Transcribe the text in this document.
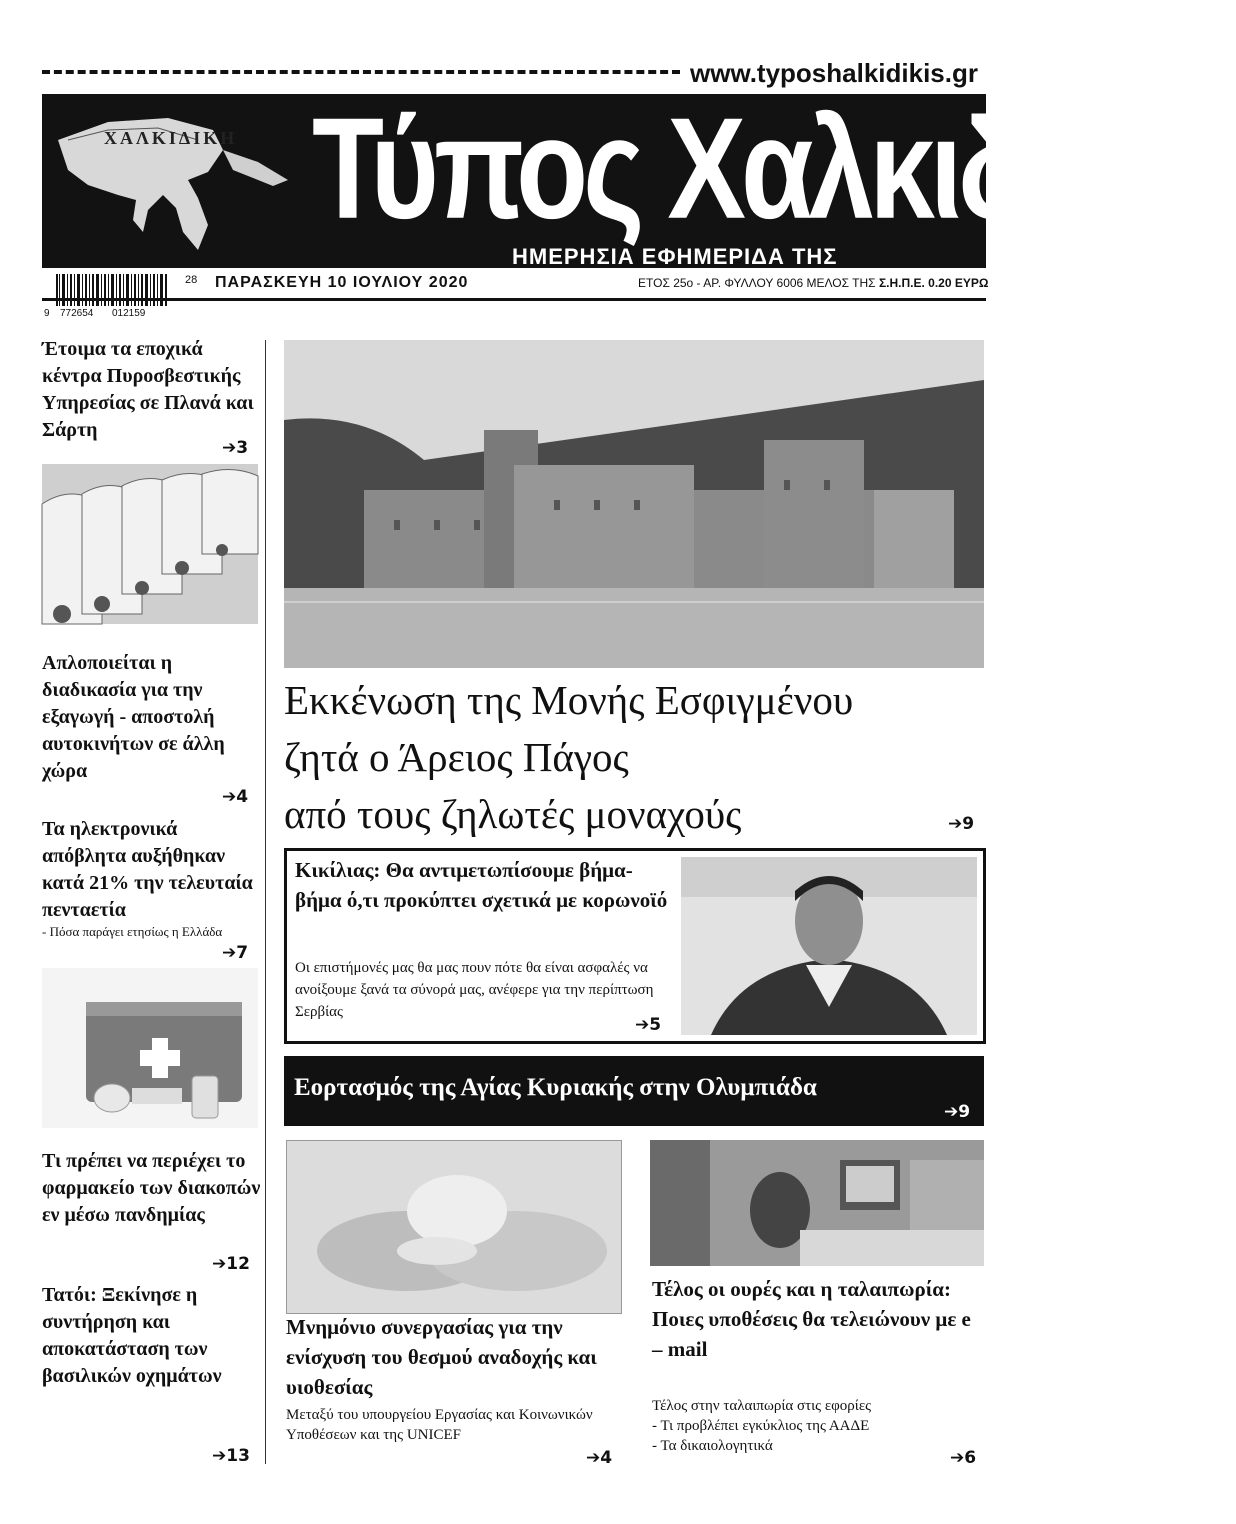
www.typoshalkidikis.gr
ΧΑΛΚΙΔΙΚΗ Τύπος Χαλκιδικής
ΗΜΕΡΗΣΙΑ ΕΦΗΜΕΡΙΔΑ ΤΗΣ ΧΑΛΚΙΔΙΚΗΣ
9 772654 012159
28 ΠΑΡΑΣΚΕΥΗ 10 ΙΟΥΛΙΟΥ 2020	ΕΤΟΣ 25ο - ΑΡ. ΦΥΛΛΟΥ 6006 ΜΕΛΟΣ ΤΗΣ Σ.Η.Π.Ε. 0.20 ΕΥΡΩ
Έτοιμα τα εποχικά κέντρα Πυροσβεστικής Υπηρεσίας σε Πλανά και Σάρτη
➔3
Απλοποιείται η διαδικασία για την εξαγωγή - αποστολή αυτοκινήτων σε άλλη χώρα
➔4
Τα ηλεκτρονικά απόβλητα αυξήθηκαν κατά 21% την τελευταία πενταετία
- Πόσα παράγει ετησίως η Ελλάδα
➔7
Τι πρέπει να περιέχει το φαρμακείο των διακοπών εν μέσω πανδημίας
➔12
Τατόι: Ξεκίνησε η συντήρηση και αποκατάσταση των βασιλικών οχημάτων
➔13
Εκκένωση της Μονής Εσφιγμένου
ζητά ο Άρειος Πάγος
από τους ζηλωτές μοναχούς	➔9
Κικίλιας: Θα αντιμετωπίσουμε βήμα-βήμα ό,τι προκύπτει σχετικά με κορωνοϊό
Οι επιστήμονές μας θα μας πουν πότε θα είναι ασφαλές να ανοίξουμε ξανά τα σύνορά μας, ανέφερε για την περίπτωση Σερβίας
➔5
Εορτασμός της Αγίας Κυριακής στην Ολυμπιάδα
➔9
Μνημόνιο συνεργασίας για την ενίσχυση του θεσμού αναδοχής και υιοθεσίας
Μεταξύ του υπουργείου Εργασίας και Κοινωνικών Υποθέσεων και της UNICEF
➔4
Τέλος οι ουρές και η ταλαιπωρία: Ποιες υποθέσεις θα τελειώνουν με e – mail
Τέλος στην ταλαιπωρία στις εφορίες
- Τι προβλέπει εγκύκλιος της ΑΑΔΕ
- Τα δικαιολογητικά
➔6
